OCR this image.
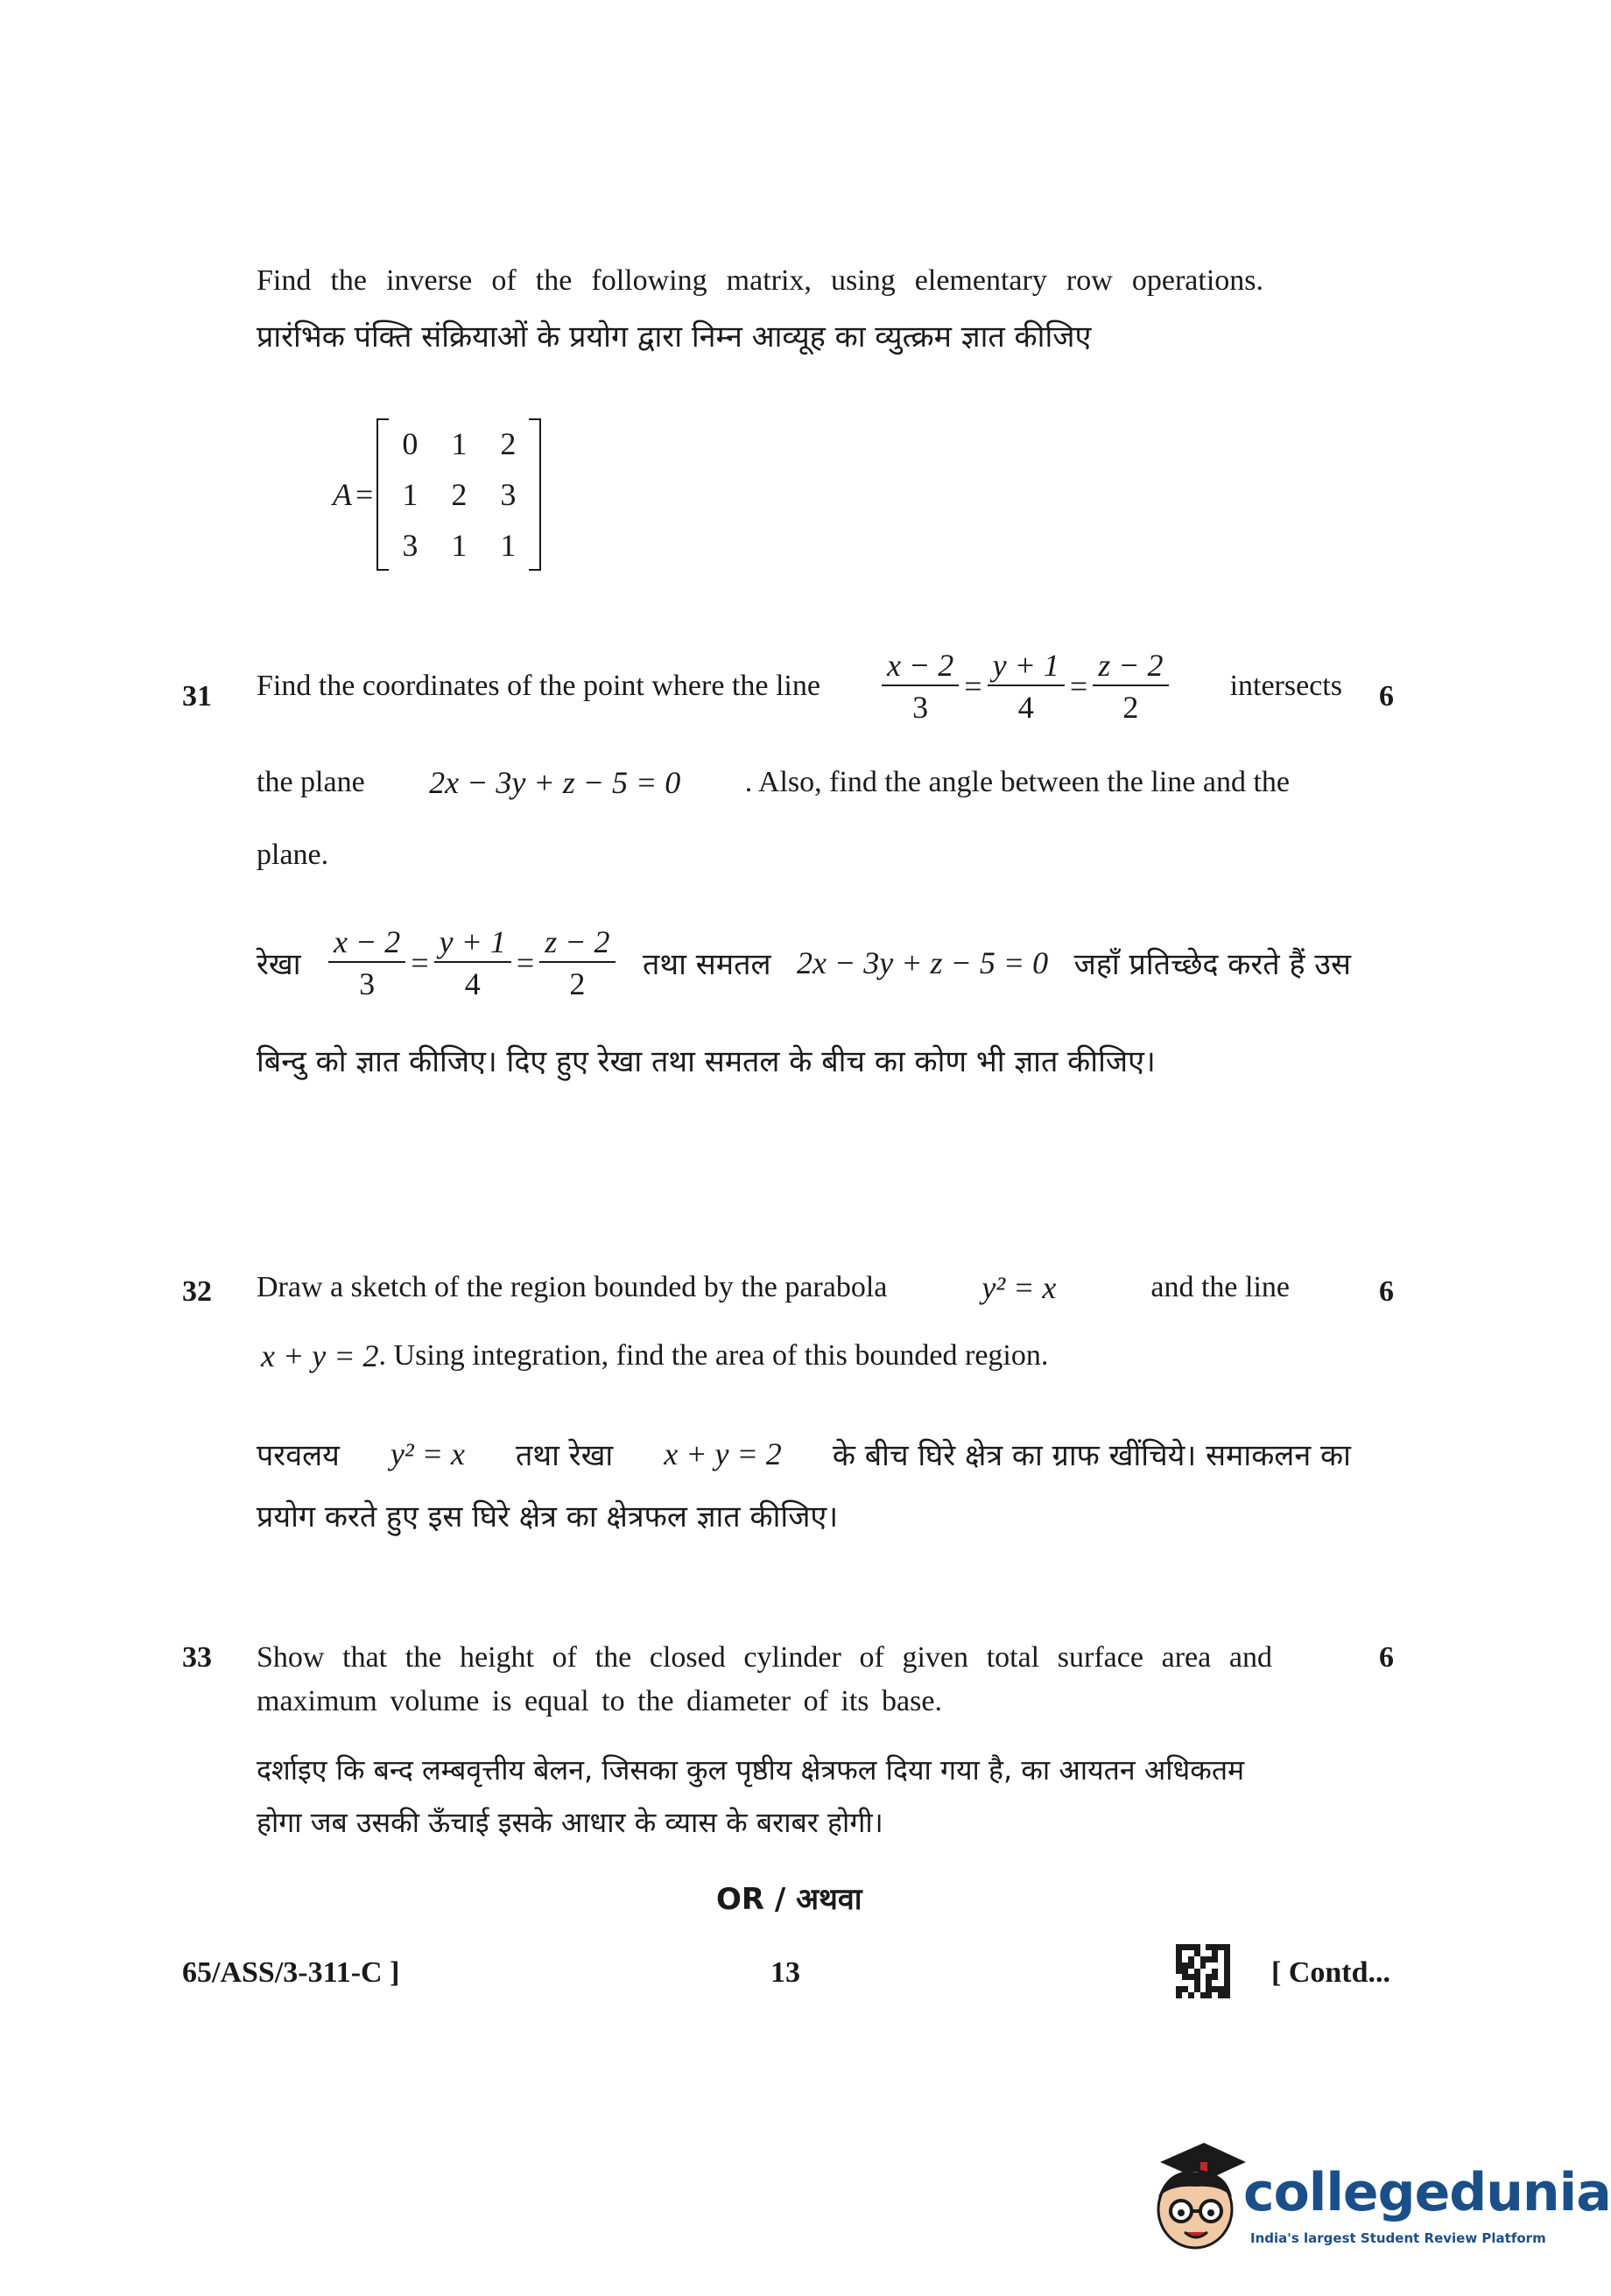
Find the inverse of the following matrix, using elementary row operations.
प्रारंभिक पंक्ति संक्रियाओं के प्रयोग द्वारा निम्न आव्यूह का व्युत्क्रम ज्ञात कीजिए
A =
0 1 2
1 2 3
3 1 1
31	6
Find the coordinates of the point where the line $\frac{x - 2}{3} = \frac{y + 1}{4} = \frac{z - 2}{2}$ intersects
the plane 2x − 3y + z − 5 = 0 . Also, find the angle between the line and the
plane.
रेखा $\frac{x - 2}{3} = \frac{y + 1}{4} = \frac{z - 2}{2}$ तथा समतल 2x − 3y + z − 5 = 0 जहाँ प्रतिच्छेद करते हैं उस
बिन्दु को ज्ञात कीजिए। दिए हुए रेखा तथा समतल के बीच का कोण भी ज्ञात कीजिए।
32	6
Draw a sketch of the region bounded by the parabola	y² = x	and the line
x + y = 2 . Using integration, find the area of this bounded region.
परवलय y² = x तथा रेखा x + y = 2 के बीच घिरे क्षेत्र का ग्राफ खींचिये। समाकलन का
प्रयोग करते हुए इस घिरे क्षेत्र का क्षेत्रफल ज्ञात कीजिए।
33	6
Show that the height of the closed cylinder of given total surface area and
maximum volume is equal to the diameter of its base.
दर्शाइए कि बन्द लम्बवृत्तीय बेलन, जिसका कुल पृष्ठीय क्षेत्रफल दिया गया है, का आयतन अधिकतम
होगा जब उसकी ऊँचाई इसके आधार के व्यास के बराबर होगी।
OR / अथवा
65/ASS/3-311-C ]	13	[ Contd...
collegedunia
India's largest Student Review Platform
